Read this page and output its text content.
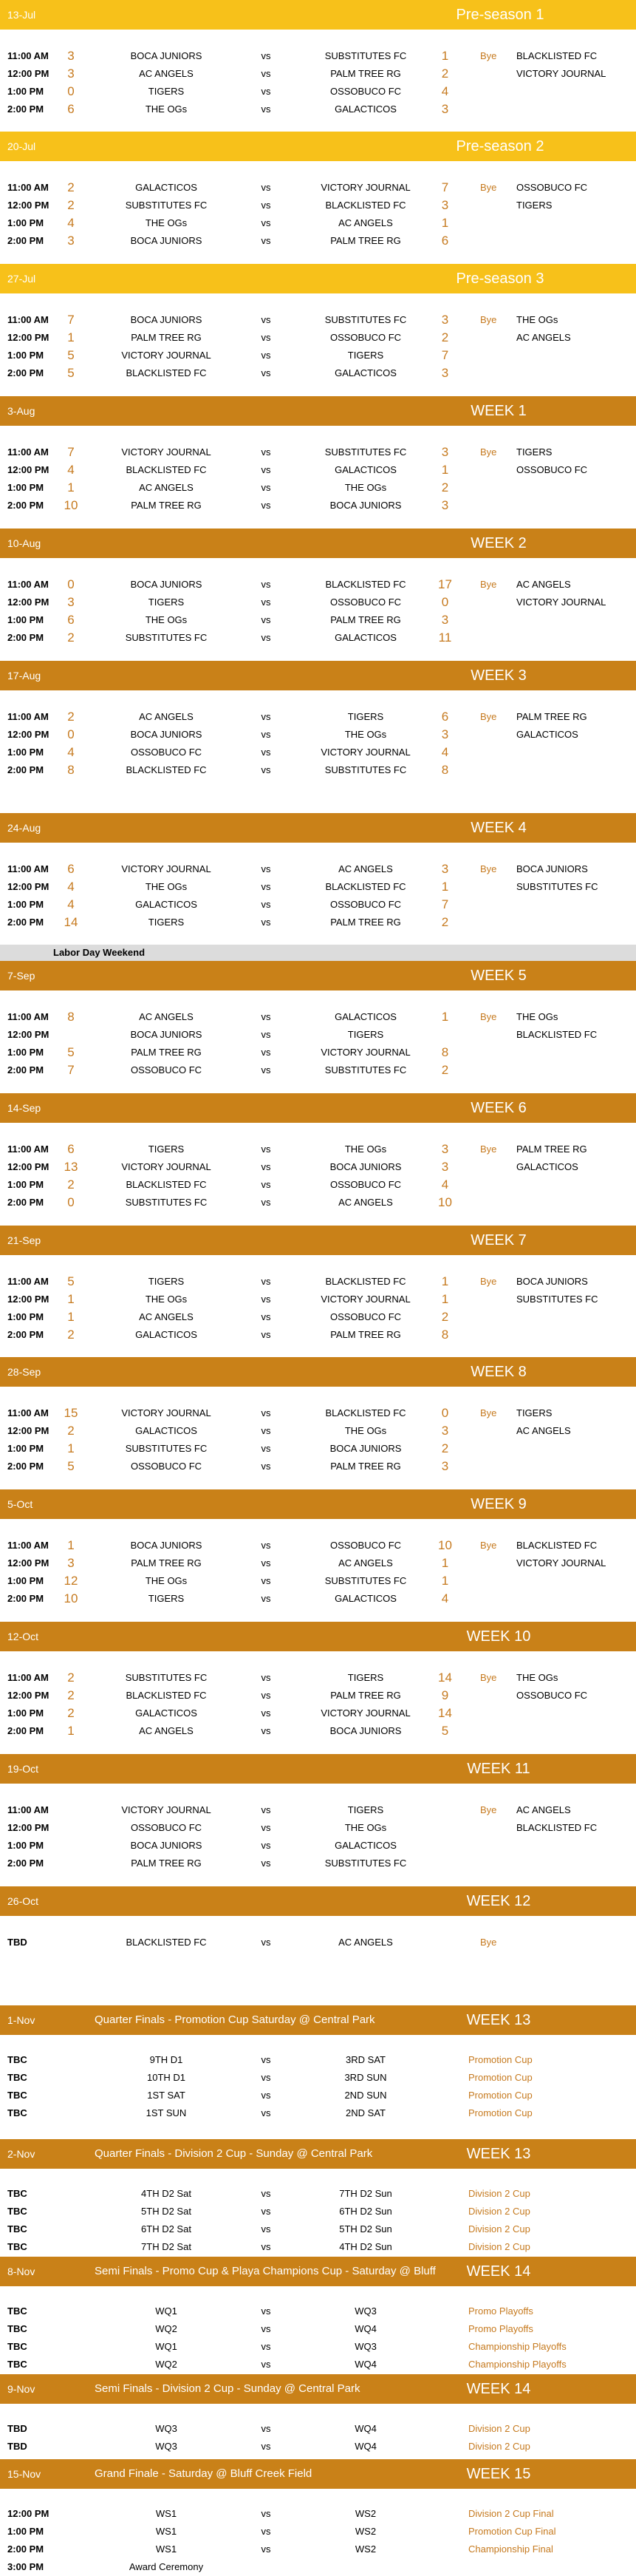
13-Jul	Pre-season 1
11:00 AM	3	BOCA JUNIORS	vs	SUBSTITUTES FC	1	Bye BLACKLISTED FC
12:00 PM	3	AC ANGELS	vs	PALM TREE RG	2	VICTORY JOURNAL
1:00 PM	0	TIGERS	vs	OSSOBUCO FC	4
2:00 PM	6	THE OGs	vs	GALACTICOS	3
20-Jul	Pre-season 2
11:00 AM	2	GALACTICOS	vs	VICTORY JOURNAL	7	Bye OSSOBUCO FC
12:00 PM	2	SUBSTITUTES FC	vs	BLACKLISTED FC	3	TIGERS
1:00 PM	4	THE OGs	vs	AC ANGELS	1
2:00 PM	3	BOCA JUNIORS	vs	PALM TREE RG	6
27-Jul	Pre-season 3
11:00 AM	7	BOCA JUNIORS	vs	SUBSTITUTES FC	3	Bye THE OGs
12:00 PM	1	PALM TREE RG	vs	OSSOBUCO FC	2	AC ANGELS
1:00 PM	5	VICTORY JOURNAL	vs	TIGERS	7
2:00 PM	5	BLACKLISTED FC	vs	GALACTICOS	3
3-Aug	WEEK 1
11:00 AM	7	VICTORY JOURNAL	vs	SUBSTITUTES FC	3	Bye TIGERS
12:00 PM	4	BLACKLISTED FC	vs	GALACTICOS	1	OSSOBUCO FC
1:00 PM	1	AC ANGELS	vs	THE OGs	2
2:00 PM	10	PALM TREE RG	vs	BOCA JUNIORS	3
10-Aug	WEEK 2
11:00 AM	0	BOCA JUNIORS	vs	BLACKLISTED FC	17	Bye AC ANGELS
12:00 PM	3	TIGERS	vs	OSSOBUCO FC	0	VICTORY JOURNAL
1:00 PM	6	THE OGs	vs	PALM TREE RG	3
2:00 PM	2	SUBSTITUTES FC	vs	GALACTICOS	11
17-Aug	WEEK 3
11:00 AM	2	AC ANGELS	vs	TIGERS	6	Bye PALM TREE RG
12:00 PM	0	BOCA JUNIORS	vs	THE OGs	3	GALACTICOS
1:00 PM	4	OSSOBUCO FC	vs	VICTORY JOURNAL	4
2:00 PM	8	BLACKLISTED FC	vs	SUBSTITUTES FC	8
24-Aug	WEEK 4
11:00 AM	6	VICTORY JOURNAL	vs	AC ANGELS	3	Bye BOCA JUNIORS
12:00 PM	4	THE OGs	vs	BLACKLISTED FC	1	SUBSTITUTES FC
1:00 PM	4	GALACTICOS	vs	OSSOBUCO FC	7
2:00 PM	14	TIGERS	vs	PALM TREE RG	2
7-Sep	WEEK 5
11:00 AM	8	AC ANGELS	vs	GALACTICOS	1	Bye THE OGs
12:00 PM	BOCA JUNIORS	vs	TIGERS	BLACKLISTED FC
1:00 PM	5	PALM TREE RG	vs	VICTORY JOURNAL	8
2:00 PM	7	OSSOBUCO FC	vs	SUBSTITUTES FC	2
14-Sep	WEEK 6
11:00 AM	6	TIGERS	vs	THE OGs	3	Bye PALM TREE RG
12:00 PM	13	VICTORY JOURNAL	vs	BOCA JUNIORS	3	GALACTICOS
1:00 PM	2	BLACKLISTED FC	vs	OSSOBUCO FC	4
2:00 PM	0	SUBSTITUTES FC	vs	AC ANGELS	10
21-Sep	WEEK 7
11:00 AM	5	TIGERS	vs	BLACKLISTED FC	1	Bye BOCA JUNIORS
12:00 PM	1	THE OGs	vs	VICTORY JOURNAL	1	SUBSTITUTES FC
1:00 PM	1	AC ANGELS	vs	OSSOBUCO FC	2
2:00 PM	2	GALACTICOS	vs	PALM TREE RG	8
28-Sep	WEEK 8
11:00 AM	15	VICTORY JOURNAL	vs	BLACKLISTED FC	0	Bye TIGERS
12:00 PM	2	GALACTICOS	vs	THE OGs	3	AC ANGELS
1:00 PM	1	SUBSTITUTES FC	vs	BOCA JUNIORS	2
2:00 PM	5	OSSOBUCO FC	vs	PALM TREE RG	3
5-Oct	WEEK 9
11:00 AM	1	BOCA JUNIORS	vs	OSSOBUCO FC	10	Bye BLACKLISTED FC
12:00 PM	3	PALM TREE RG	vs	AC ANGELS	1	VICTORY JOURNAL
1:00 PM	12	THE OGs	vs	SUBSTITUTES FC	1
2:00 PM	10	TIGERS	vs	GALACTICOS	4
12-Oct	WEEK 10
11:00 AM	2	SUBSTITUTES FC	vs	TIGERS	14	Bye THE OGs
12:00 PM	2	BLACKLISTED FC	vs	PALM TREE RG	9	OSSOBUCO FC
1:00 PM	2	GALACTICOS	vs	VICTORY JOURNAL	14
2:00 PM	1	AC ANGELS	vs	BOCA JUNIORS	5
19-Oct	WEEK 11
11:00 AM	VICTORY JOURNAL	vs	TIGERS	Bye AC ANGELS
12:00 PM	OSSOBUCO FC	vs	THE OGs	BLACKLISTED FC
1:00 PM	BOCA JUNIORS	vs	GALACTICOS
2:00 PM	PALM TREE RG	vs	SUBSTITUTES FC
26-Oct	WEEK 12
TBD	BLACKLISTED FC	vs	AC ANGELS	Bye
1-Nov	Quarter Finals - Promotion Cup Saturday @ Central Park	WEEK 13
TBC	9TH D1	vs	3RD SAT	Promotion Cup
TBC	10TH D1	vs	3RD SUN	Promotion Cup
TBC	1ST SAT	vs	2ND SUN	Promotion Cup
TBC	1ST SUN	vs	2ND SAT	Promotion Cup
2-Nov	Quarter Finals - Division 2 Cup - Sunday @ Central Park	WEEK 13
TBC	4TH D2 Sat	vs	7TH D2 Sun	Division 2 Cup
TBC	5TH D2 Sat	vs	6TH D2 Sun	Division 2 Cup
TBC	6TH D2 Sat	vs	5TH D2 Sun	Division 2 Cup
TBC	7TH D2 Sat	vs	4TH D2 Sun	Division 2 Cup
8-Nov	Semi Finals - Promo Cup & Playa Champions Cup - Saturday @ Bluff	WEEK 14
TBC	WQ1	vs	WQ3	Promo Playoffs
TBC	WQ2	vs	WQ4	Promo Playoffs
TBC	WQ1	vs	WQ3	Championship Playoffs
TBC	WQ2	vs	WQ4	Championship Playoffs
9-Nov	Semi Finals - Division 2 Cup - Sunday @ Central Park	WEEK 14
TBD	WQ3	vs	WQ4	Division 2 Cup
TBD	WQ3	vs	WQ4	Division 2 Cup
15-Nov	Grand Finale - Saturday @ Bluff Creek Field	WEEK 15
12:00 PM	WS1	vs	WS2	Division 2 Cup Final
1:00 PM	WS1	vs	WS2	Promotion Cup Final
2:00 PM	WS1	vs	WS2	Championship Final
3:00 PM	Award Ceremony
Labor Day Weekend
